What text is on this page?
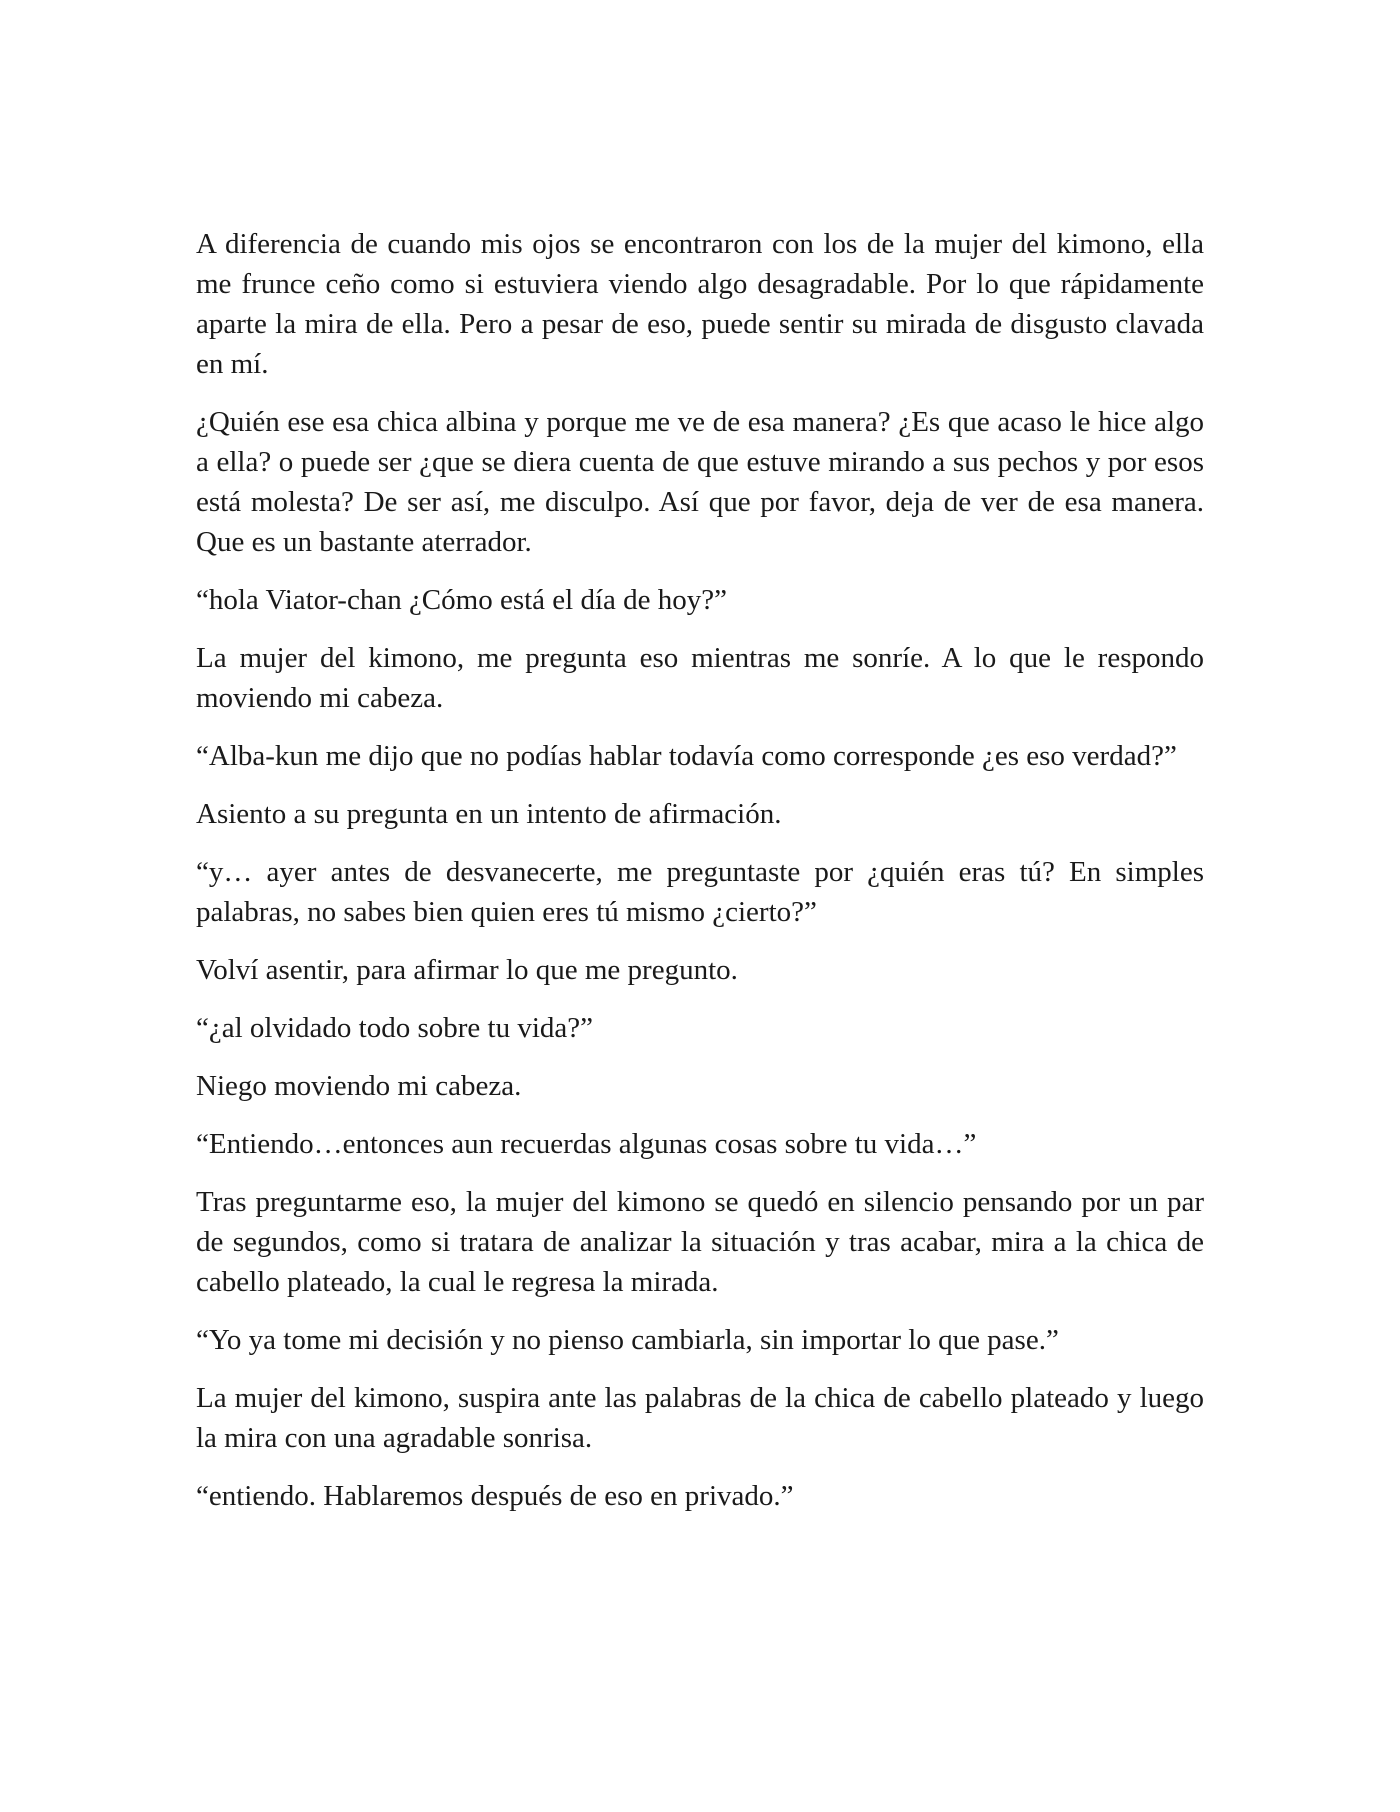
A diferencia de cuando mis ojos se encontraron con los de la mujer del kimono, ella me frunce ceño como si estuviera viendo algo desagradable. Por lo que rápidamente aparte la mira de ella. Pero a pesar de eso, puede sentir su mirada de disgusto clavada en mí.

¿Quién ese esa chica albina y porque me ve de esa manera? ¿Es que acaso le hice algo a ella? o puede ser ¿que se diera cuenta de que estuve mirando a sus pechos y por esos está molesta? De ser así, me disculpo. Así que por favor, deja de ver de esa manera. Que es un bastante aterrador.

“hola Viator-chan ¿Cómo está el día de hoy?”

La mujer del kimono, me pregunta eso mientras me sonríe. A lo que le respondo moviendo mi cabeza.

“Alba-kun me dijo que no podías hablar todavía como corresponde ¿es eso verdad?”

Asiento a su pregunta en un intento de afirmación.

“y… ayer antes de desvanecerte, me preguntaste por ¿quién eras tú? En simples palabras, no sabes bien quien eres tú mismo ¿cierto?”

Volví asentir, para afirmar lo que me pregunto.

“¿al olvidado todo sobre tu vida?”

Niego moviendo mi cabeza.

“Entiendo…entonces aun recuerdas algunas cosas sobre tu vida…”

Tras preguntarme eso, la mujer del kimono se quedó en silencio pensando por un par de segundos, como si tratara de analizar la situación y tras acabar, mira a la chica de cabello plateado, la cual le regresa la mirada.

“Yo ya tome mi decisión y no pienso cambiarla, sin importar lo que pase.”

La mujer del kimono, suspira ante las palabras de la chica de cabello plateado y luego la mira con una agradable sonrisa.

“entiendo. Hablaremos después de eso en privado.”
